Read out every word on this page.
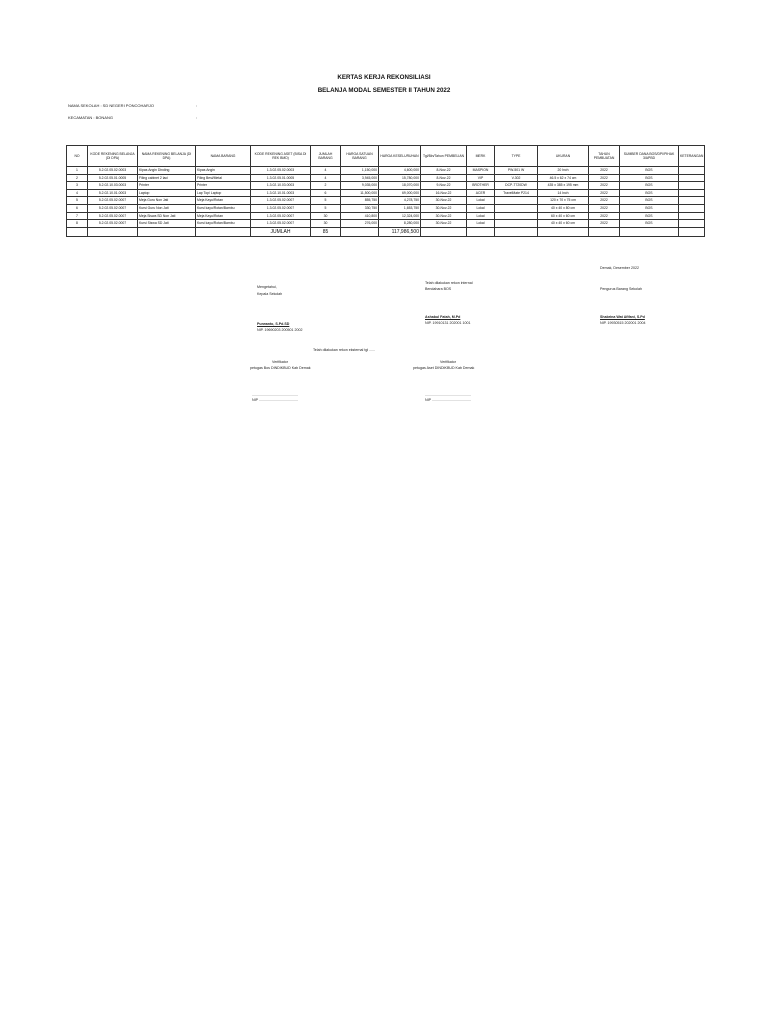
KERTAS KERJA REKONSILIASI
BELANJA MODAL SEMESTER II TAHUN 2022
NAMA SEKOLAH : SD NEGERI PONCOHARJO	:
KECAMATAN : BONANG	:
NO	KODE REKENING BELANJA (DI DPA)	NAMA REKENING BELANJA (DI DPA)	NAMA BARANG	KODE REKENING ASET (BISA DI REK BMD)	JUMLAH BARANG	HARGA SATUAN BARANG	HARGA KESELURUHAN	Tgl/Bln/Tahun PEMBELIAN	MERK	TYPE	UKURAN	TAHUN PEMBUATAN	SUMBER DANA BOS/DPI/PIHAK 3/APBD	KETERANGAN
1	5.2.02.05.02.0003	Kipas Angin Dinding	Kipas Angin	1.3.02.05.02.0003	4	1,150,000	4,600,000	8-Nov-22	MASPION	PW-501 W	20 Inch	2022	BOS	
2	5.2.02.05.01.0005	Filing cabinet 2 laci	Filing Besi/Metal	1.3.02.05.01.0005	4	3,945,000	15,780,000	8-Nov-22	VIP	V-302	46.5 x 62 x 74 cm	2022	BOS	
3	5.2.02.10.03.0003	Printer	Printer	1.3.02.10.03.0003	2	9,035,000	18,070,000	9-Nov-22	BROTHER	DCP-T720DW	435 x 385 x 195 mm	2022	BOS	
4	5.2.02.10.01.0003	Laptop	Lap Top/ Laptop	1.3.02.10.01.0003	6	11,500,000	69,000,000	16-Nov-22	ACER	TravelMate P214	14 Inch	2022	BOS	
5	5.2.02.05.02.0007	Meja Guru Non Jati	Meja Kayu/Rotan	1.3.02.05.02.0007	5	855,750	4,278,750	30-Nov-22	Lokal		120 x 70 x 75 cm	2022	BOS	
6	5.2.02.05.02.0007	Kursi Guru Non Jati	Kursi kayu/Rotan/Bambu	1.3.02.05.02.0007	5	330,750	1,653,750	30-Nov-22	Lokal		40 x 40 x 80 cm	2022	BOS	
7	5.2.02.05.02.0007	Meja Siswa SD Non Jati	Meja Kayu/Rotan	1.3.02.05.02.0007	30	410,800	12,324,000	30-Nov-22	Lokal		60 x 40 x 60 cm	2022	BOS	
8	5.2.02.05.02.0007	Kursi Siswa SD Jati	Kursi kayu/Rotan/Bambu	1.3.02.05.02.0007	30	276,000	8,280,000	30-Nov-22	Lokal		40 x 40 x 60 cm	2022	BOS	
				JUMLAH	85		117,986,500							
Demak, Desember 2022
Telah dilakukan rekon internal
Mengetahui,	Bendahara BOS	Pengurus Barang Sekolah
Kepala Sekolah
Ashabul Fatah, M.Pd	Shabrina Wat Afifani, S.Pd
NIP. 19910131 202001 1001	NIP. 19930515 202001 2004
Purwanto, S.Pd.SD
NIP. 19690203 200501 2002
Telah dilakukan rekon eksternal tgl ......
Verifikator	Verifikator
petugas Bos DINDIKBUD Kab Demak	petugas Aset DINDIKBUD Kab Demak
..............................................	..............................................
NIP .......................................	NIP .......................................
